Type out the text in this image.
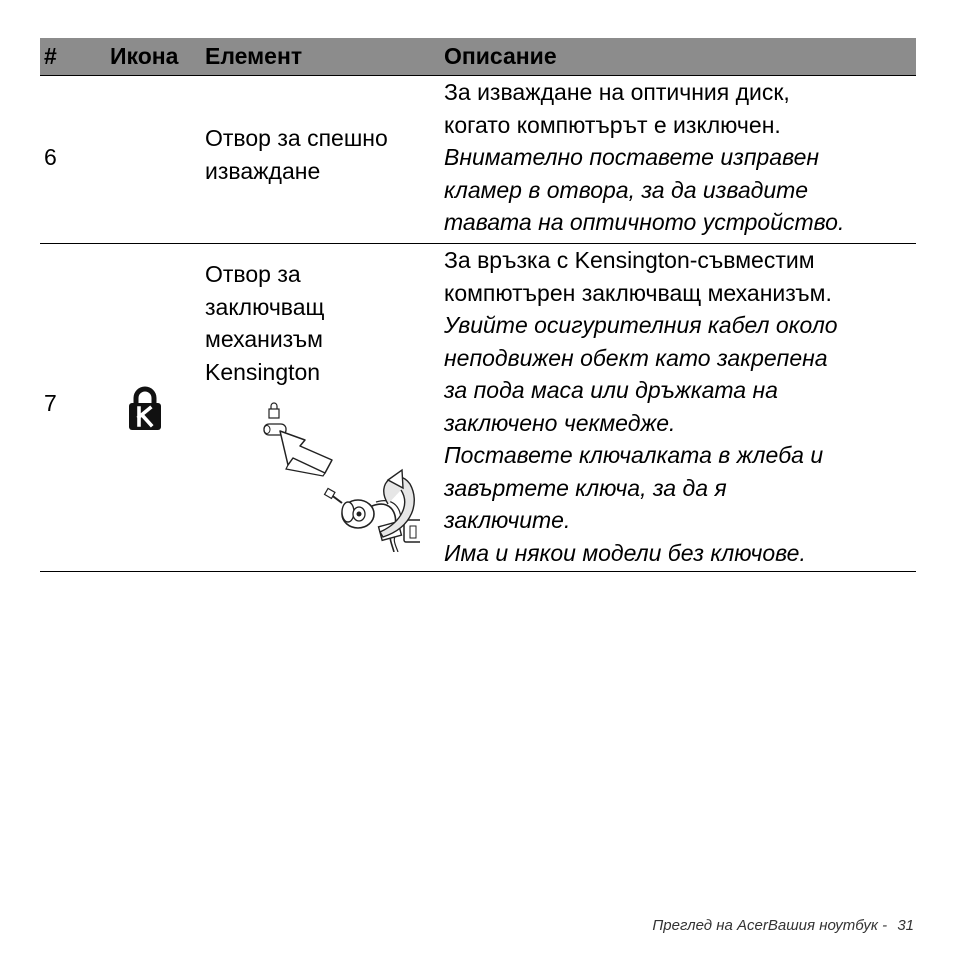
# Икона Елемент	Описание
6
Отвор за спешно
изваждане
За изваждане на оптичния диск,
когато компютърът е изключен.
Внимателно поставете изправен
кламер в отвора, за да извадите
тавата на оптичното устройство.
7
Отвор за
заключващ
механизъм
Kensington
За връзка с Kensington-съвместим
компютърен заключващ механизъм.
Увийте осигурителния кабел около
неподвижен обект като закрепена
за пода маса или дръжката на
заключено чекмедже.
Поставете ключалката в жлеба и
завъртете ключа, за да я
заключите.
Има и някои модели без ключове.
Преглед на AcerВашия ноутбук - 31
